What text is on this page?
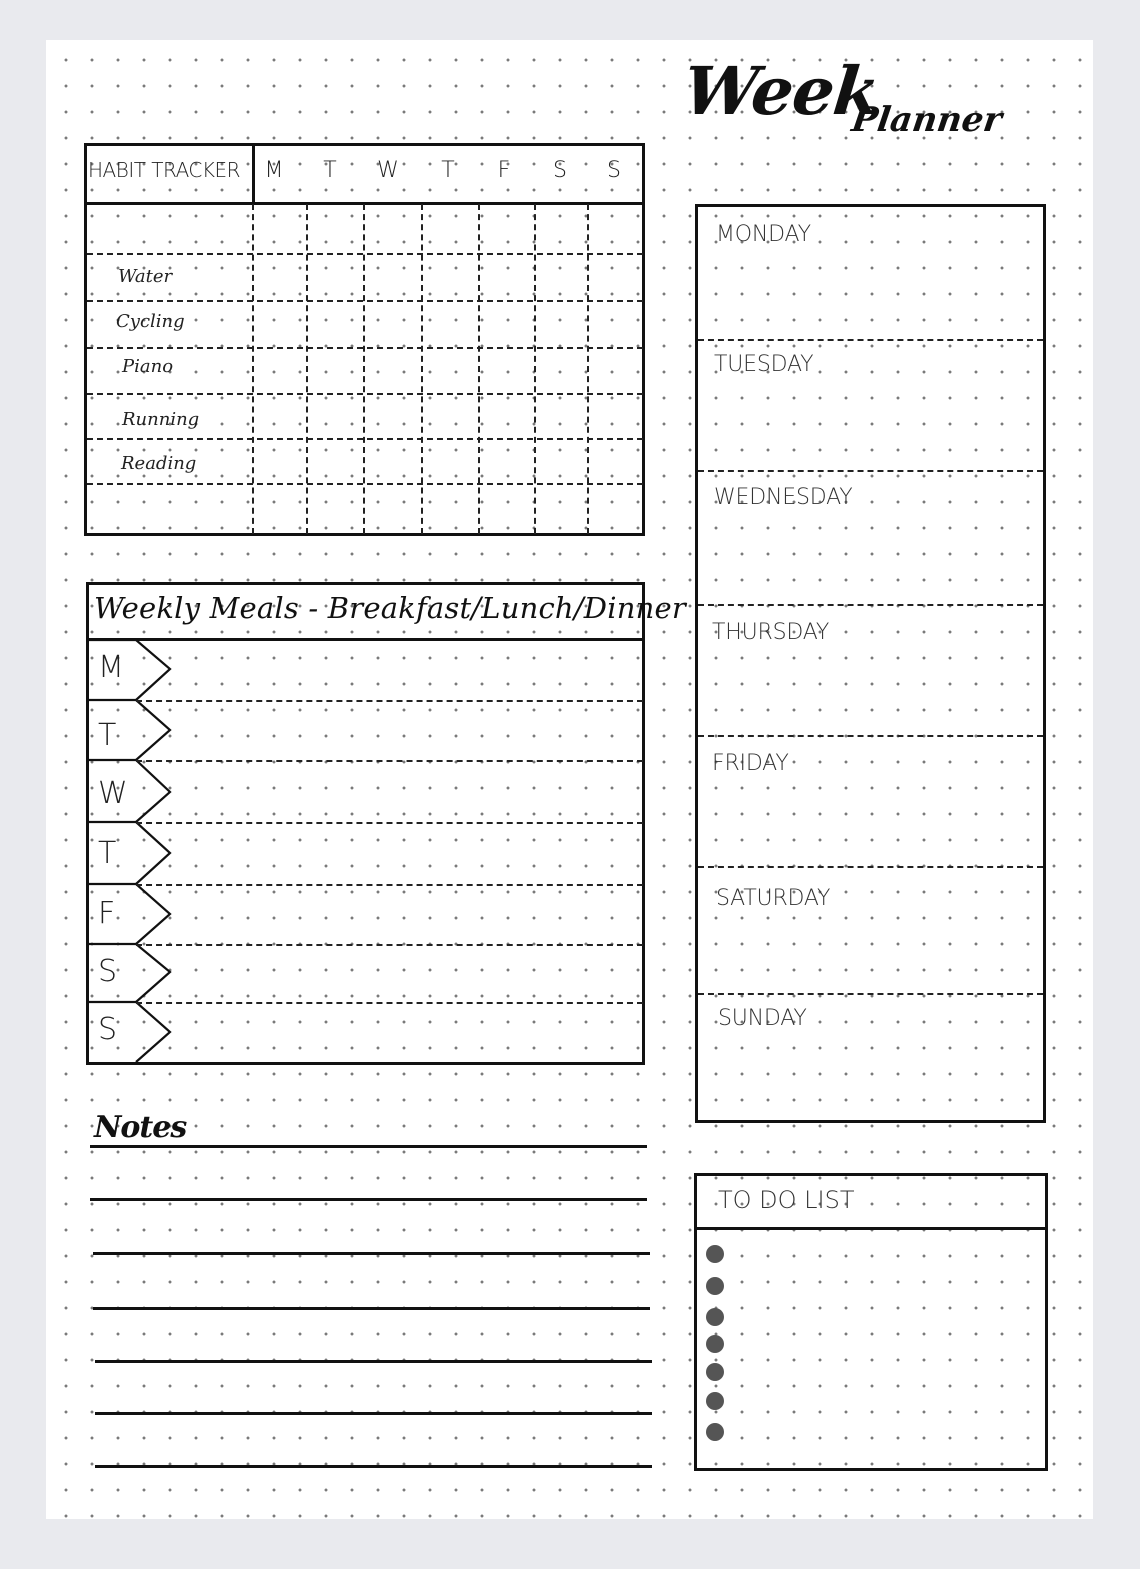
Week
Planner
HABIT TRACKER	M	T	W	T	F	S	S
Water
Cycling
Piano
Running
Reading
Weekly Meals - Breakfast/Lunch/Dinner
M
T
W
T
F
S
S
MONDAY
TUESDAY
WEDNESDAY
THURSDAY
FRIDAY
SATURDAY
SUNDAY
Notes
TO DO LIST
